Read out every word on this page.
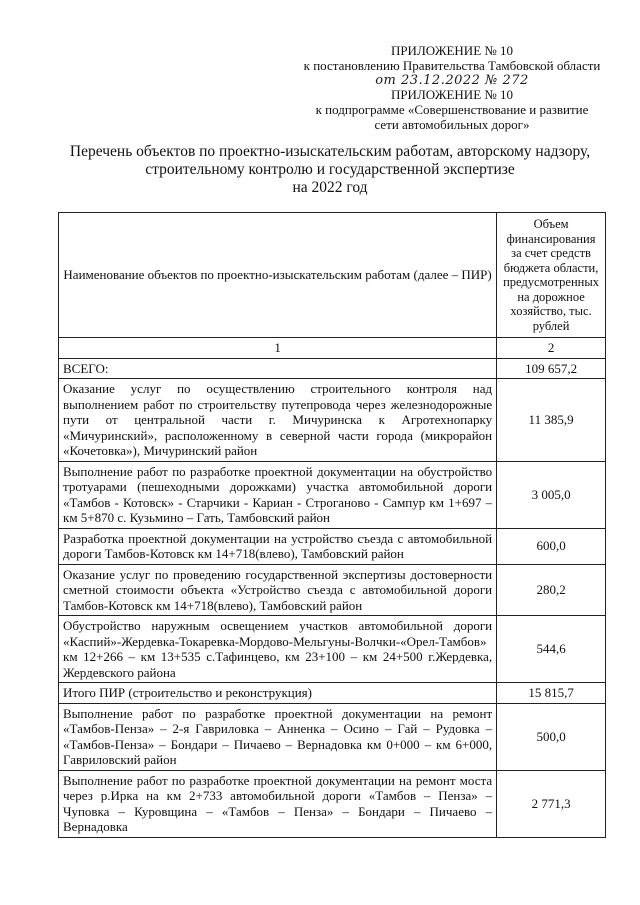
ПРИЛОЖЕНИЕ № 10
к постановлению Правительства Тамбовской области
от 23.12.2022 № 272
ПРИЛОЖЕНИЕ № 10
к подпрограмме «Совершенствование и развитие
сети автомобильных дорог»
Перечень объектов по проектно-изыскательским работам, авторскому надзору,
строительному контролю и государственной экспертизе
на 2022 год
Наименование объектов по проектно-изыскательским работам (далее – ПИР)	Объем финансирования за счет средств бюджета области, предусмотренных на дорожное хозяйство, тыс. рублей
1	2
ВСЕГО:	109 657,2
Оказание услуг по осуществлению строительного контроля над выполнением работ по строительству путепровода через железнодорожные пути от центральной части г. Мичуринска к Агротехнопарку «Мичуринский», расположенному в северной части города (микрорайон «Кочетовка»), Мичуринский район	11 385,9
Выполнение работ по разработке проектной документации на обустройство тротуарами (пешеходными дорожками) участка автомобильной дороги «Тамбов - Котовск» - Старчики - Кариан - Строганово - Сампур км 1+697 – км 5+870 с. Кузьмино – Гать, Тамбовский район	3 005,0
Разработка проектной документации на устройство съезда с автомобильной дороги Тамбов-Котовск км 14+718(влево), Тамбовский район	600,0
Оказание услуг по проведению государственной экспертизы достоверности сметной стоимости объекта «Устройство съезда с автомобильной дороги Тамбов-Котовск км 14+718(влево), Тамбовский район	280,2
Обустройство наружным освещением участков автомобильной дороги «Каспий»-Жердевка-Токаревка-Мордово-Мельгуны-Волчки-«Орел-Тамбов» км 12+266 – км 13+535 с.Тафинцево, км 23+100 – км 24+500 г.Жердевка, Жердевского района	544,6
Итого ПИР (строительство и реконструкция)	15 815,7
Выполнение работ по разработке проектной документации на ремонт «Тамбов-Пенза» – 2-я Гавриловка – Анненка – Осино – Гай – Рудовка – «Тамбов-Пенза» – Бондари – Пичаево – Вернадовка км 0+000 – км 6+000, Гавриловский район	500,0
Выполнение работ по разработке проектной документации на ремонт моста через р.Ирка на км 2+733 автомобильной дороги «Тамбов – Пенза» – Чуповка – Куровщина – «Тамбов – Пенза» – Бондари – Пичаево – Вернадовка	2 771,3
